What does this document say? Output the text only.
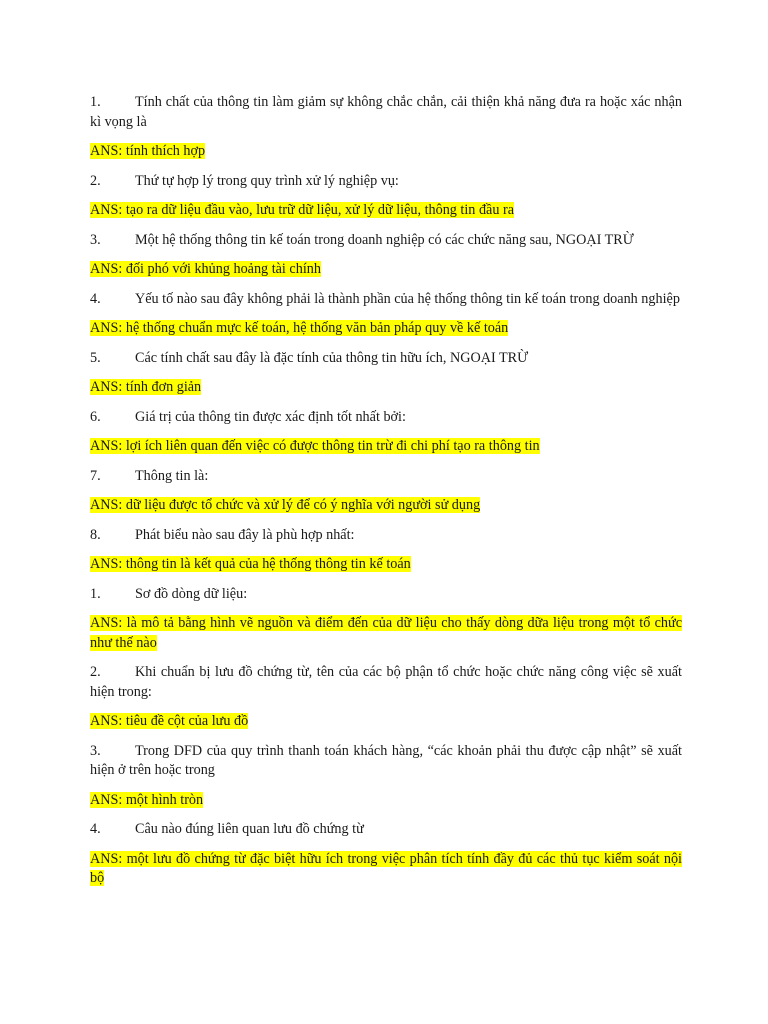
1. Tính chất của thông tin làm giảm sự không chắc chắn, cải thiện khả năng đưa ra hoặc xác nhận kì vọng là

ANS: tính thích hợp

2. Thứ tự hợp lý trong quy trình xử lý nghiệp vụ:

ANS: tạo ra dữ liệu đầu vào, lưu trữ dữ liệu, xử lý dữ liệu, thông tin đầu ra

3. Một hệ thống thông tin kế toán trong doanh nghiệp có các chức năng sau, NGOẠI TRỪ

ANS: đối phó với khủng hoảng tài chính

4. Yếu tố nào sau đây không phải là thành phần của hệ thống thông tin kế toán trong doanh nghiệp

ANS: hệ thống chuẩn mực kế toán, hệ thống văn bản pháp quy về kế toán

5. Các tính chất sau đây là đặc tính của thông tin hữu ích, NGOẠI TRỪ

ANS: tính đơn giản

6. Giá trị của thông tin được xác định tốt nhất bởi:

ANS: lợi ích liên quan đến việc có được thông tin trừ đi chi phí tạo ra thông tin

7. Thông tin là:

ANS: dữ liệu được tổ chức và xử lý để có ý nghĩa với người sử dụng

8. Phát biểu nào sau đây là phù hợp nhất:

ANS: thông tin là kết quả của hệ thống thông tin kế toán

1. Sơ đồ dòng dữ liệu:

ANS: là mô tả bằng hình vẽ nguồn và điểm đến của dữ liệu cho thấy dòng dữa liệu trong một tổ chức như thế nào

2. Khi chuẩn bị lưu đồ chứng từ, tên của các bộ phận tổ chức hoặc chức năng công việc sẽ xuất hiện trong:

ANS: tiêu đề cột của lưu đồ

3. Trong DFD của quy trình thanh toán khách hàng, “các khoản phải thu được cập nhật” sẽ xuất hiện ở trên hoặc trong

ANS: một hình tròn

4. Câu nào đúng liên quan lưu đồ chứng từ

ANS: một lưu đồ chứng từ đặc biệt hữu ích trong việc phân tích tính đầy đủ các thủ tục kiểm soát nội bộ
